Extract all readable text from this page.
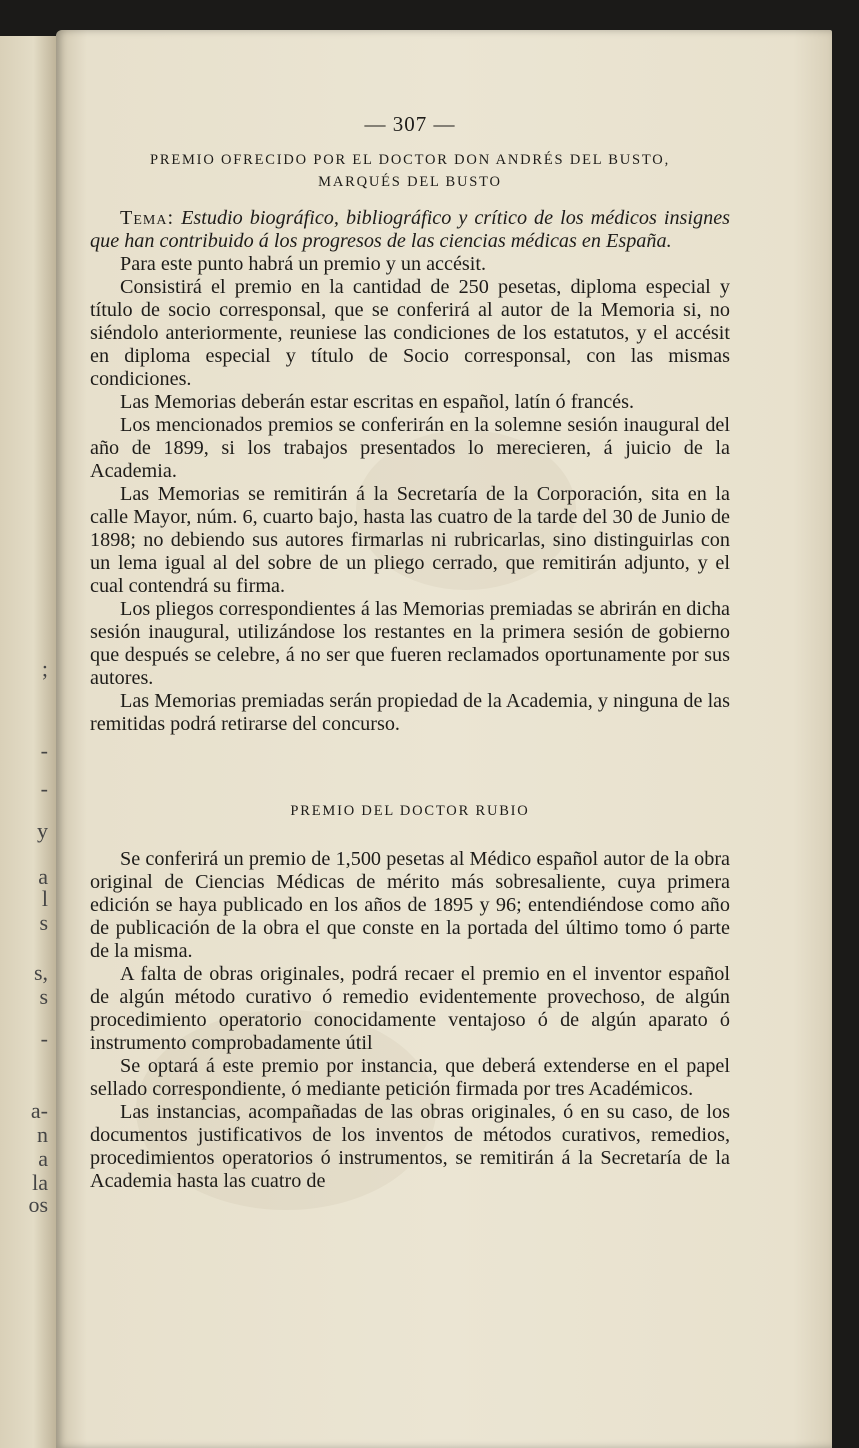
;
-
-
y
a
l
s
s,
s
-
a-
n
a
la
os
— 307 —
PREMIO OFRECIDO POR EL DOCTOR DON ANDRÉS DEL BUSTO,
MARQUÉS DEL BUSTO

Tema: Estudio biográfico, bibliográfico y crítico de los médicos insignes que han contribuido á los progresos de las ciencias médicas en España.

Para este punto habrá un premio y un accésit.

Consistirá el premio en la cantidad de 250 pesetas, diploma especial y título de socio corresponsal, que se conferirá al autor de la Memoria si, no siéndolo anteriormente, reuniese las condiciones de los estatutos, y el accésit en diploma especial y título de Socio corresponsal, con las mismas condiciones.

Las Memorias deberán estar escritas en español, latín ó francés.

Los mencionados premios se conferirán en la solemne sesión inaugural del año de 1899, si los trabajos presentados lo merecieren, á juicio de la Academia.

Las Memorias se remitirán á la Secretaría de la Corporación, sita en la calle Mayor, núm. 6, cuarto bajo, hasta las cuatro de la tarde del 30 de Junio de 1898; no debiendo sus autores firmarlas ni rubricarlas, sino distinguirlas con un lema igual al del sobre de un pliego cerrado, que remitirán adjunto, y el cual contendrá su firma.

Los pliegos correspondientes á las Memorias premiadas se abrirán en dicha sesión inaugural, utilizándose los restantes en la primera sesión de gobierno que después se celebre, á no ser que fueren reclamados oportunamente por sus autores.

Las Memorias premiadas serán propiedad de la Academia, y ninguna de las remitidas podrá retirarse del concurso.

PREMIO DEL DOCTOR RUBIO

Se conferirá un premio de 1,500 pesetas al Médico español autor de la obra original de Ciencias Médicas de mérito más sobresaliente, cuya primera edición se haya publicado en los años de 1895 y 96; entendiéndose como año de publicación de la obra el que conste en la portada del último tomo ó parte de la misma.

A falta de obras originales, podrá recaer el premio en el inventor español de algún método curativo ó remedio evidentemente provechoso, de algún procedimiento operatorio conocidamente ventajoso ó de algún aparato ó instrumento comprobadamente útil

Se optará á este premio por instancia, que deberá extenderse en el papel sellado correspondiente, ó mediante petición firmada por tres Académicos.

Las instancias, acompañadas de las obras originales, ó en su caso, de los documentos justificativos de los inventos de métodos curativos, remedios, procedimientos operatorios ó instrumentos, se remitirán á la Secretaría de la Academia hasta las cuatro de
